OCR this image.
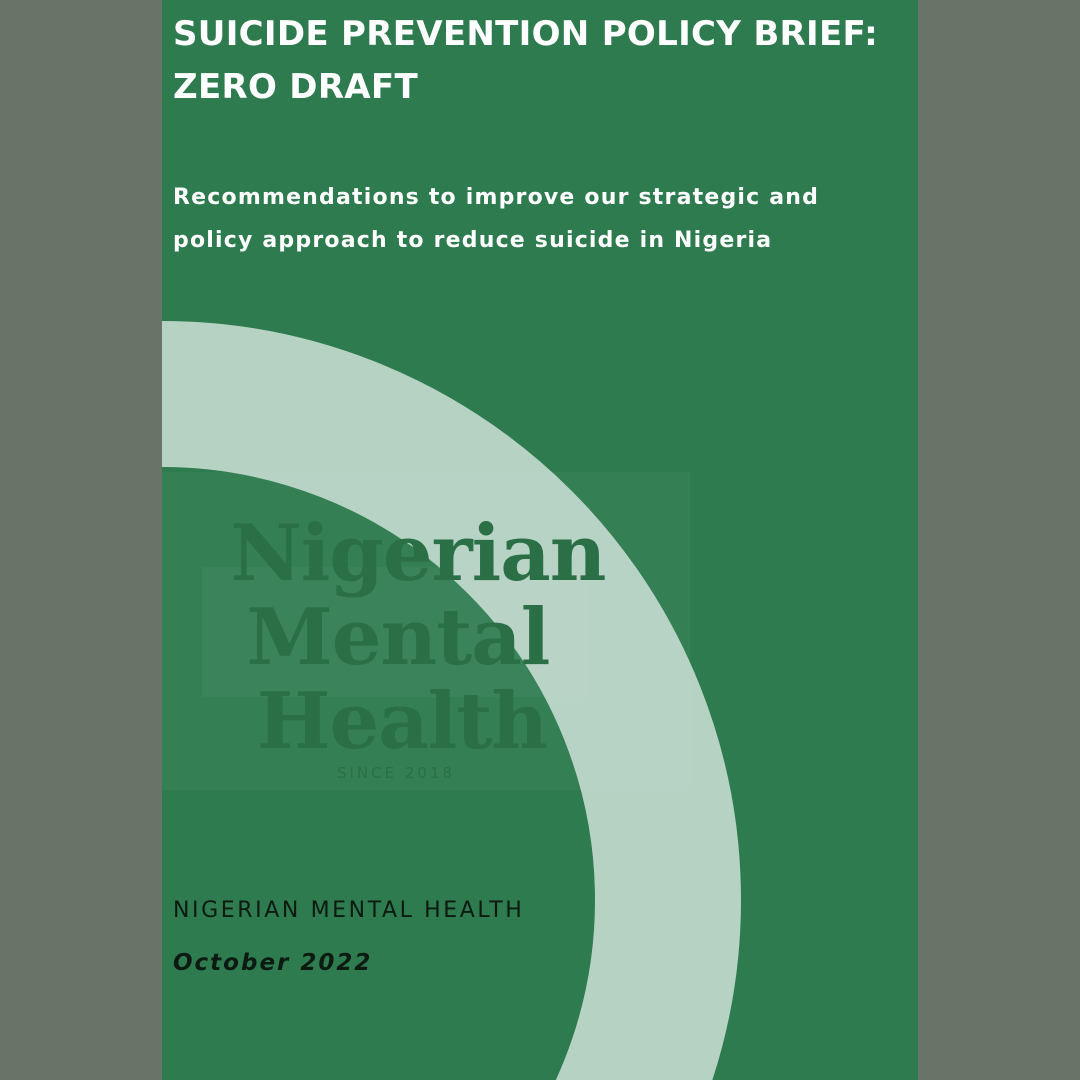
Nigerian
Mental
Health
SINCE 2018
SUICIDE PREVENTION POLICY BRIEF:
ZERO DRAFT

Recommendations to improve our strategic and
policy approach to reduce suicide in Nigeria

NIGERIAN MENTAL HEALTH

October 2022
